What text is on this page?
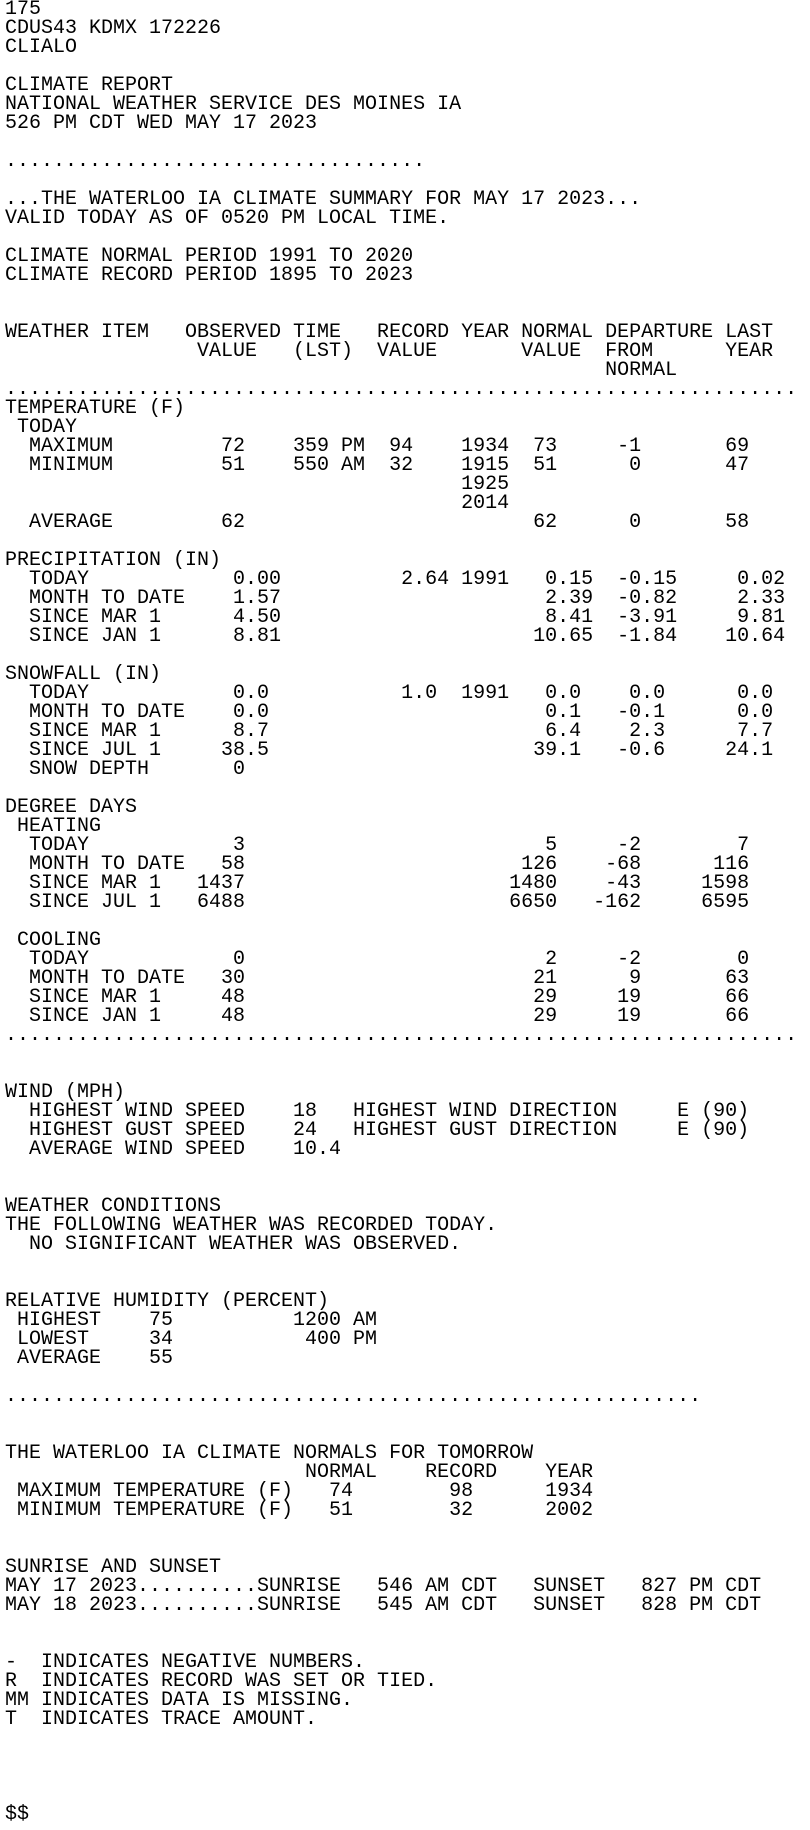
175
CDUS43 KDMX 172226
CLIALO
CLIMATE REPORT
NATIONAL WEATHER SERVICE DES MOINES IA
526 PM CDT WED MAY 17 2023
...................................
...THE WATERLOO IA CLIMATE SUMMARY FOR MAY 17 2023...
VALID TODAY AS OF 0520 PM LOCAL TIME.
CLIMATE NORMAL PERIOD 1991 TO 2020
CLIMATE RECORD PERIOD 1895 TO 2023
WEATHER ITEM   OBSERVED TIME   RECORD YEAR NORMAL DEPARTURE LAST
VALUE   (LST)  VALUE       VALUE  FROM      YEAR
NORMAL
..................................................................
TEMPERATURE (F)
TODAY
MAXIMUM         72    359 PM  94    1934  73     -1       69
MINIMUM         51    550 AM  32    1915  51      0       47
1925
2014
AVERAGE         62                        62      0       58
PRECIPITATION (IN)
TODAY            0.00          2.64 1991   0.15  -0.15     0.02
MONTH TO DATE    1.57                      2.39  -0.82     2.33
SINCE MAR 1      4.50                      8.41  -3.91     9.81
SINCE JAN 1      8.81                     10.65  -1.84    10.64
SNOWFALL (IN)
TODAY            0.0           1.0  1991   0.0    0.0      0.0
MONTH TO DATE    0.0                       0.1   -0.1      0.0
SINCE MAR 1      8.7                       6.4    2.3      7.7
SINCE JUL 1     38.5                      39.1   -0.6     24.1
SNOW DEPTH       0
DEGREE DAYS
HEATING
TODAY            3                         5     -2        7
MONTH TO DATE   58                       126    -68      116
SINCE MAR 1   1437                      1480    -43     1598
SINCE JUL 1   6488                      6650   -162     6595
COOLING
TODAY            0                         2     -2        0
MONTH TO DATE   30                        21      9       63
SINCE MAR 1     48                        29     19       66
SINCE JAN 1     48                        29     19       66
..................................................................
WIND (MPH)
HIGHEST WIND SPEED    18   HIGHEST WIND DIRECTION     E (90)
HIGHEST GUST SPEED    24   HIGHEST GUST DIRECTION     E (90)
AVERAGE WIND SPEED    10.4
WEATHER CONDITIONS
THE FOLLOWING WEATHER WAS RECORDED TODAY.
NO SIGNIFICANT WEATHER WAS OBSERVED.
RELATIVE HUMIDITY (PERCENT)
HIGHEST    75          1200 AM
LOWEST     34           400 PM
AVERAGE    55
..........................................................
THE WATERLOO IA CLIMATE NORMALS FOR TOMORROW
NORMAL    RECORD    YEAR
MAXIMUM TEMPERATURE (F)   74        98      1934
MINIMUM TEMPERATURE (F)   51        32      2002
SUNRISE AND SUNSET
MAY 17 2023..........SUNRISE   546 AM CDT   SUNSET   827 PM CDT
MAY 18 2023..........SUNRISE   545 AM CDT   SUNSET   828 PM CDT
-  INDICATES NEGATIVE NUMBERS.
R  INDICATES RECORD WAS SET OR TIED.
MM INDICATES DATA IS MISSING.
T  INDICATES TRACE AMOUNT.
$$
